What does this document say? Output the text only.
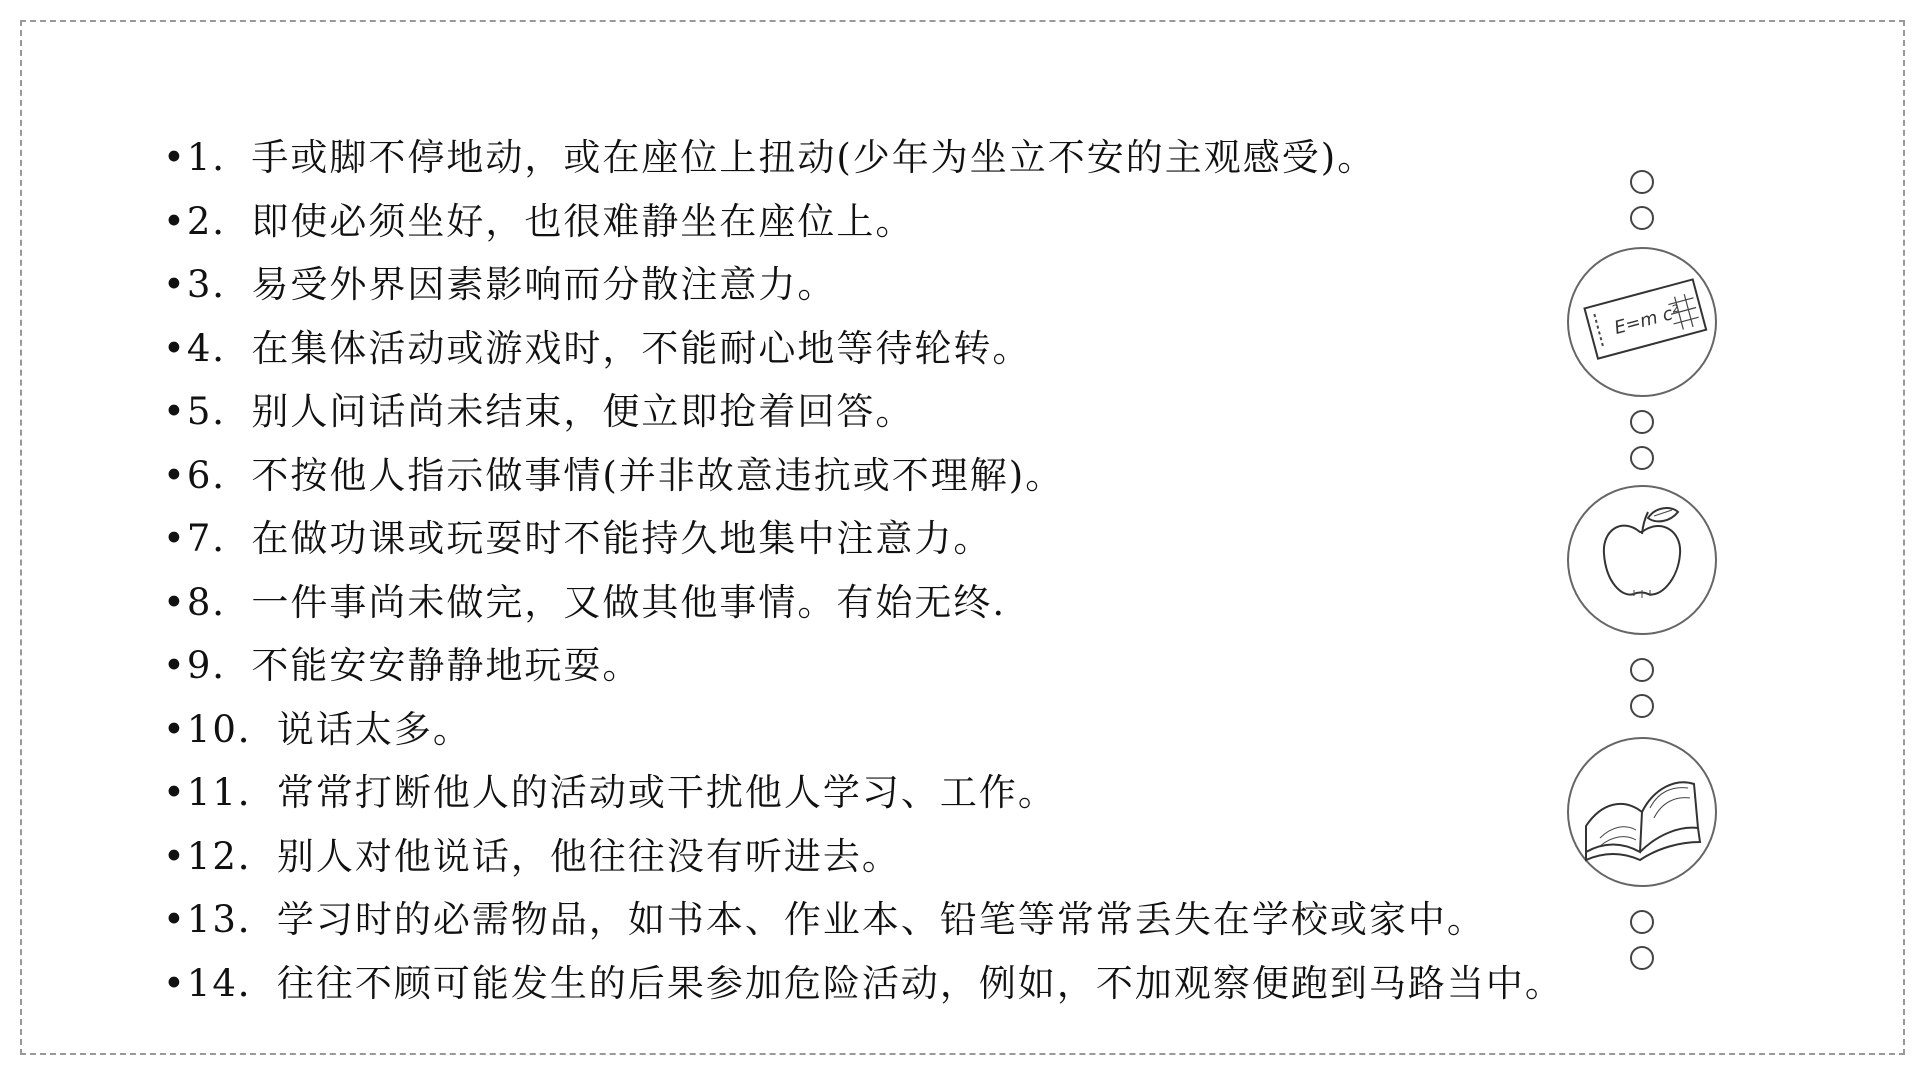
•1．手或脚不停地动，或在座位上扭动(少年为坐立不安的主观感受)。
•2．即使必须坐好，也很难静坐在座位上。
•3．易受外界因素影响而分散注意力。
•4．在集体活动或游戏时，不能耐心地等待轮转。
•5．别人问话尚未结束，便立即抢着回答。
•6．不按他人指示做事情(并非故意违抗或不理解)。
•7．在做功课或玩耍时不能持久地集中注意力。
•8．一件事尚未做完，又做其他事情。有始无终.
•9．不能安安静静地玩耍。
•10．说话太多。
•11．常常打断他人的活动或干扰他人学习、工作。
•12．别人对他说话，他往往没有听进去。
•13．学习时的必需物品，如书本、作业本、铅笔等常常丢失在学校或家中。
•14．往往不顾可能发生的后果参加危险活动，例如，不加观察便跑到马路当中。
E=m c²
